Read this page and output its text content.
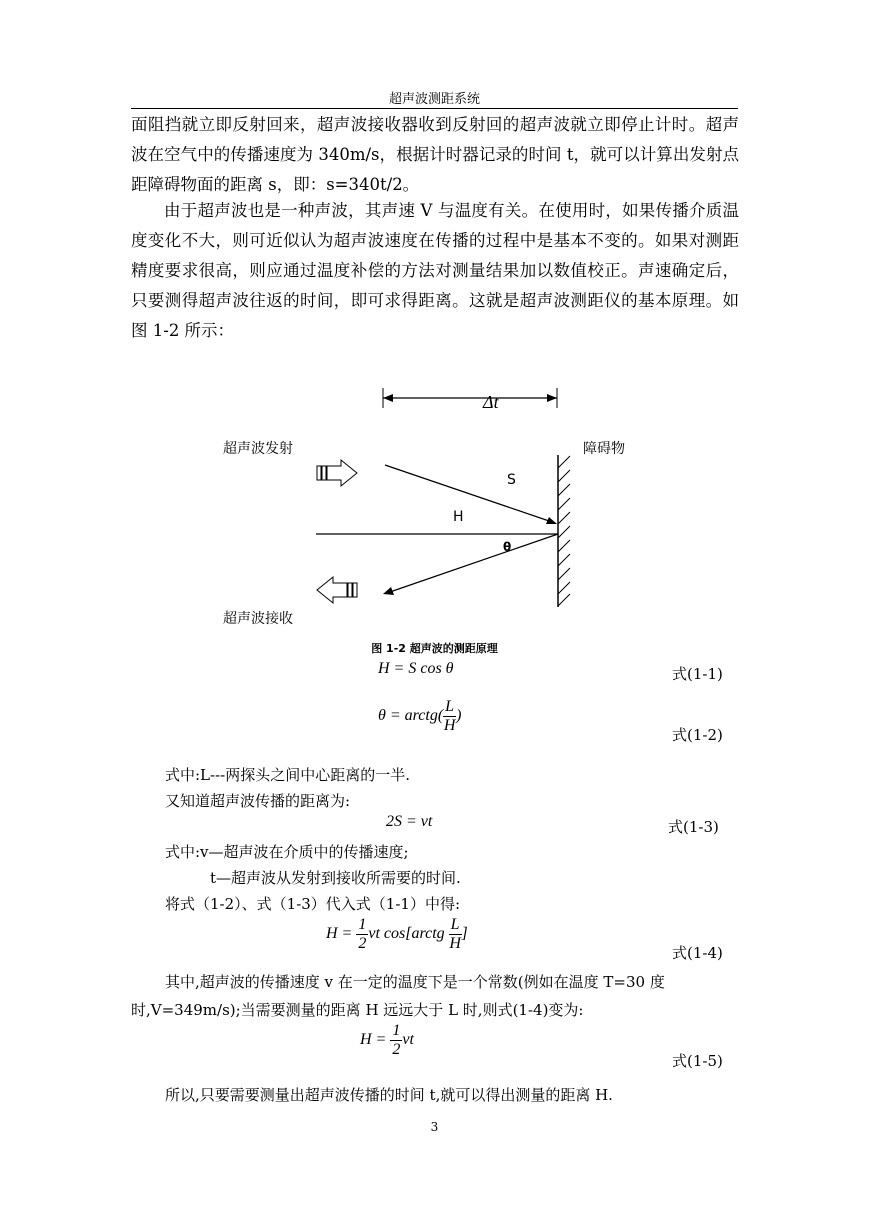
超声波测距系统
面阻挡就立即反射回来，超声波接收器收到反射回的超声波就立即停止计时。超声波在空气中的传播速度为 340m/s，根据计时器记录的时间 t，就可以计算出发射点距障碍物面的距离 s，即：s=340t/2。
由于超声波也是一种声波，其声速 V 与温度有关。在使用时，如果传播介质温度变化不大，则可近似认为超声波速度在传播的过程中是基本不变的。如果对测距精度要求很高，则应通过温度补偿的方法对测量结果加以数值校正。声速确定后，只要测得超声波往返的时间，即可求得距离。这就是超声波测距仪的基本原理。如图 1-2 所示：
Δt
超声波发射	障碍物
S
H
θ
超声波接收
图 1-2 超声波的测距原理
H = S cos θ	式(1-1)
θ = arctg( $\frac{L}{H}$ )
式(1-2)
式中:L---两探头之间中心距离的一半.
又知道超声波传播的距离为:
2S = vt	式(1-3)
式中:v—超声波在介质中的传播速度;
t—超声波从发射到接收所需要的时间.
将式（1-2）、式（1-3）代入式（1-1）中得:
$H = \frac{1}{2}$ vt cos[arctg $\frac{L}{H}$ ]
式(1-4)
其中,超声波的传播速度 v 在一定的温度下是一个常数(例如在温度 T=30 度
时,V=349m/s);当需要测量的距离 H 远远大于 L 时,则式(1-4)变为:
$H = \frac{1}{2}$ vt
式(1-5)
所以,只要需要测量出超声波传播的时间 t,就可以得出测量的距离 H.
3
